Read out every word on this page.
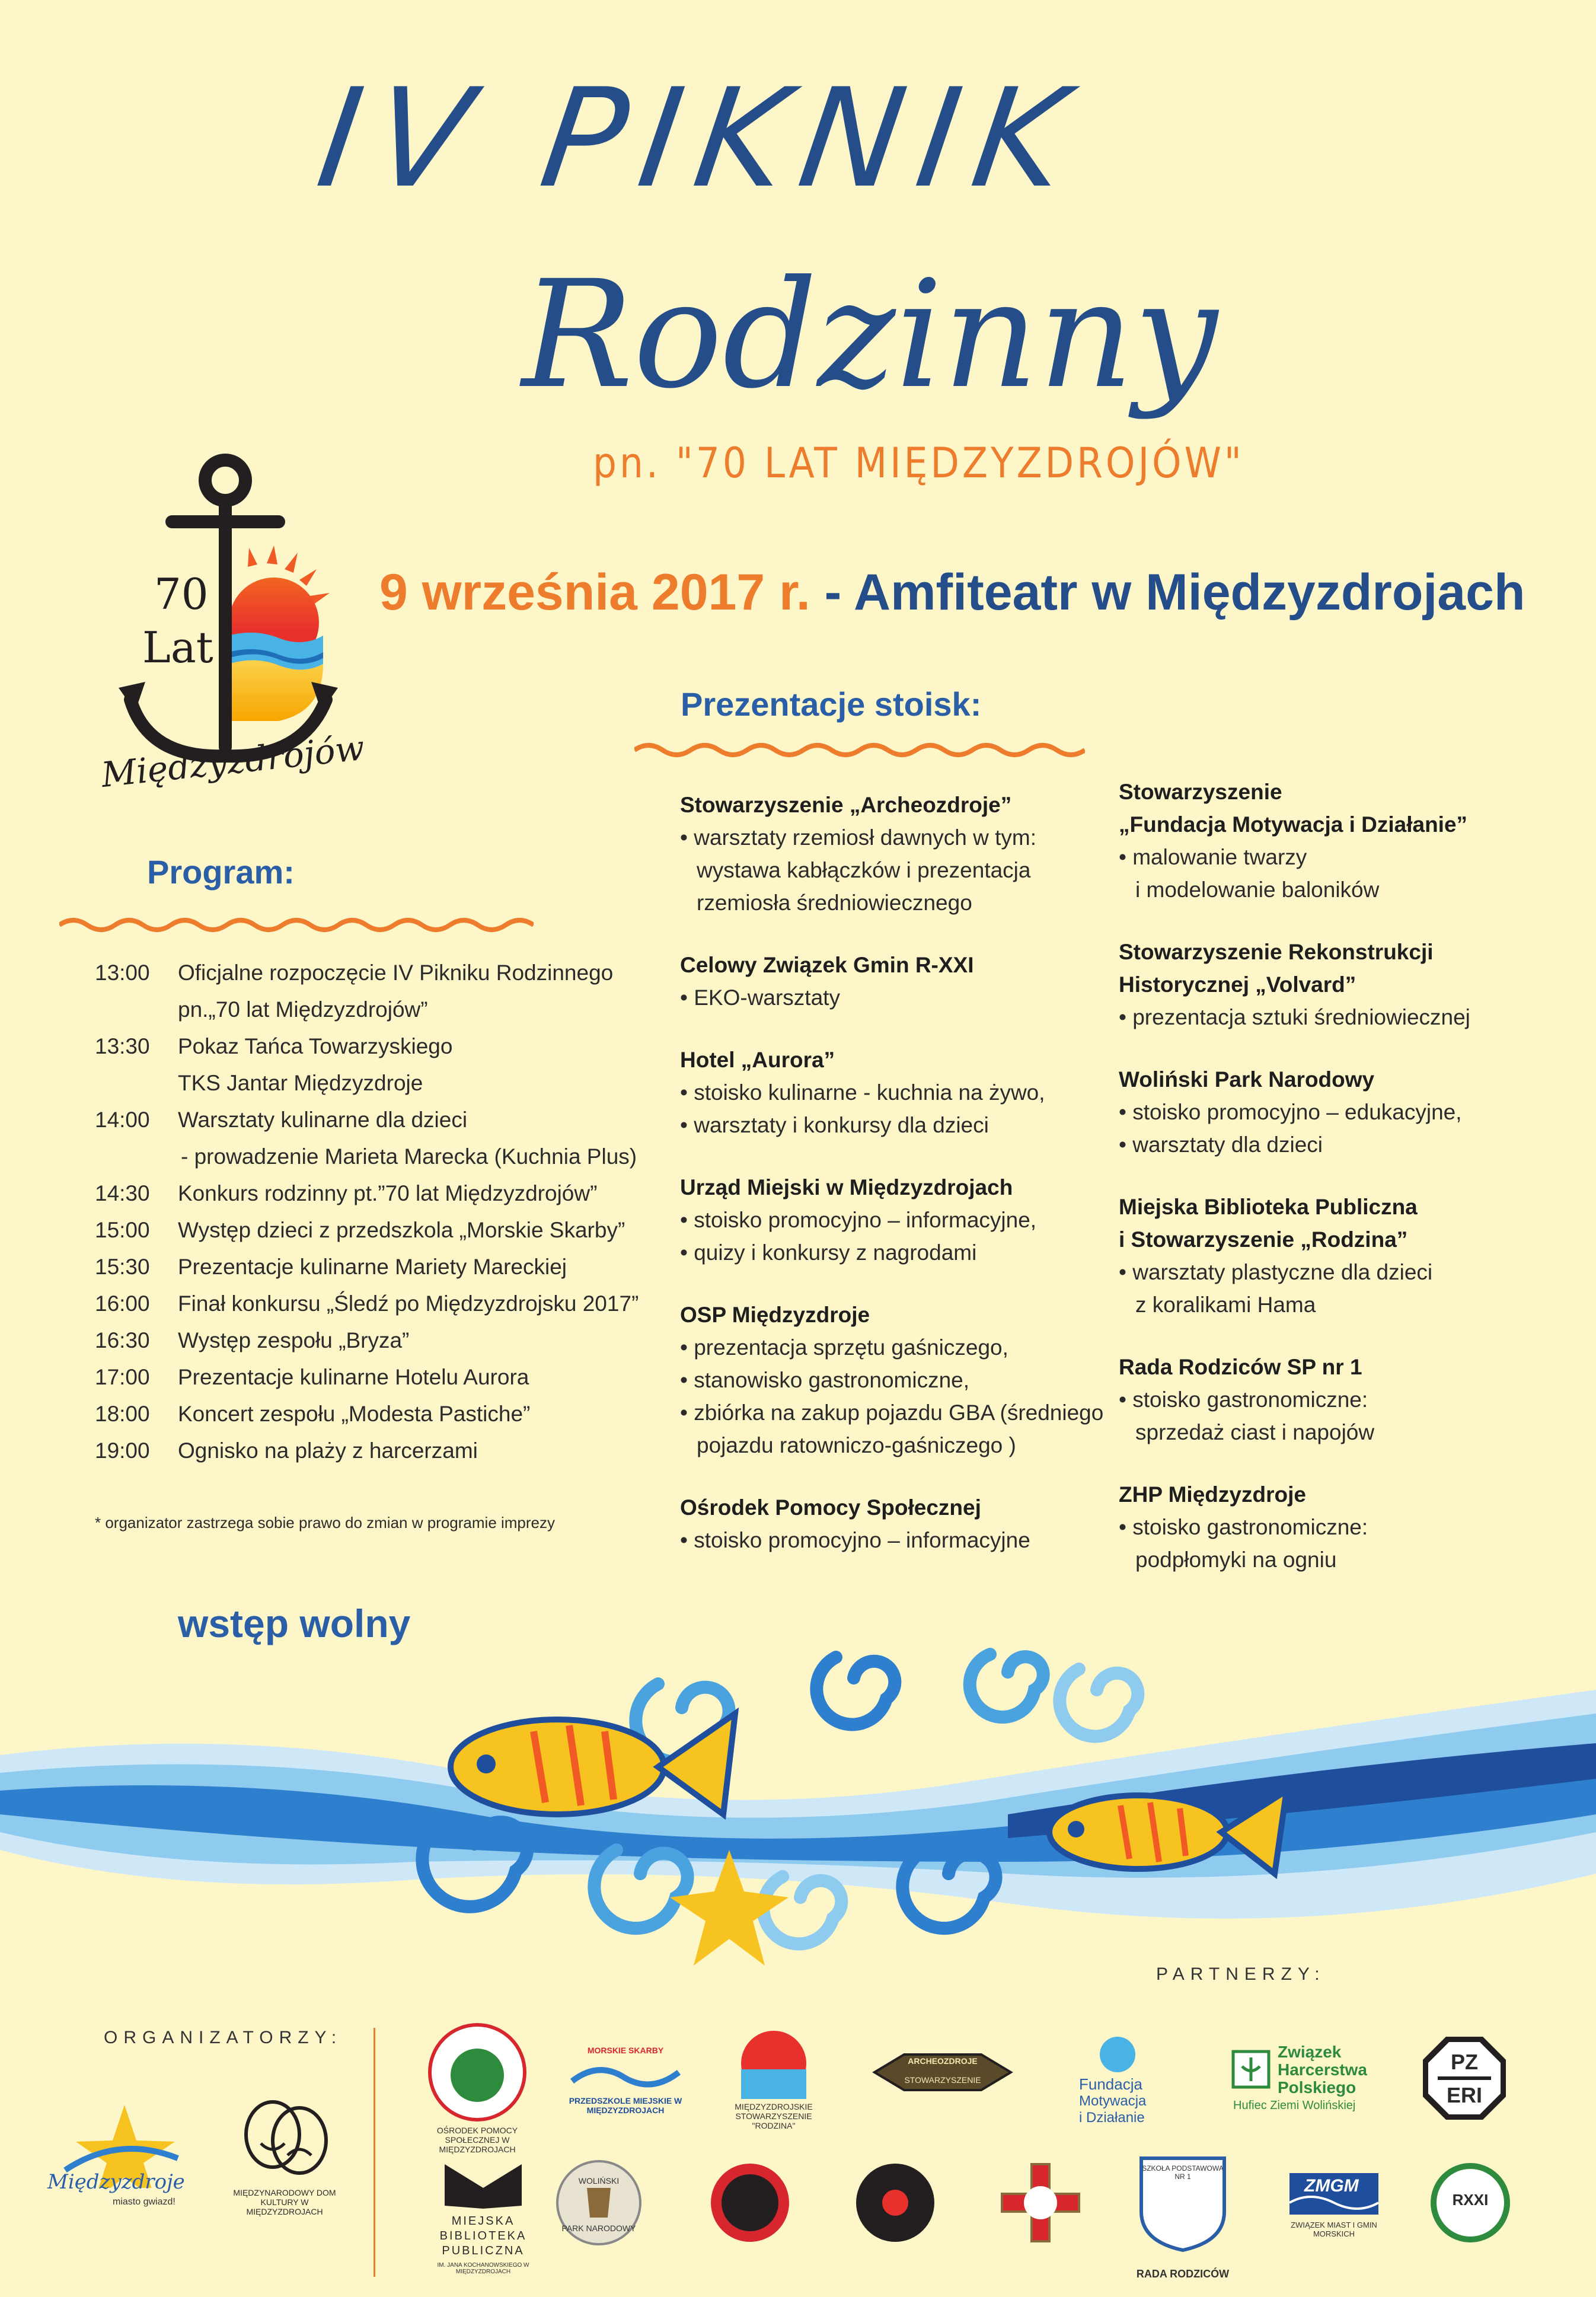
IV PIKNIK
Rodzinny
pn. "70 LAT MIĘDZYZDROJÓW"
9 września 2017 r. - Amfiteatr w Międzyzdrojach
70
Lat
Międzyzdrojów
Program:
13:00 Oficjalne rozpoczęcie IV Pikniku Rodzinnego
pn.„70 lat Międzyzdrojów”
13:30 Pokaz Tańca Towarzyskiego
TKS Jantar Międzyzdroje
14:00 Warsztaty kulinarne dla dzieci
- prowadzenie Marieta Marecka (Kuchnia Plus)
14:30 Konkurs rodzinny pt.”70 lat Międzyzdrojów”
15:00 Występ dzieci z przedszkola „Morskie Skarby”
15:30 Prezentacje kulinarne Mariety Mareckiej
16:00 Finał konkursu „Śledź po Międzyzdrojsku 2017”
16:30 Występ zespołu „Bryza”
17:00 Prezentacje kulinarne Hotelu Aurora
18:00 Koncert zespołu „Modesta Pastiche”
19:00 Ognisko na plaży z harcerzami
* organizator zastrzega sobie prawo do zmian w programie imprezy
wstęp wolny
Prezentacje stoisk:
Stowarzyszenie „Archeozdroje”
• warsztaty rzemiosł dawnych w tym:
wystawa kabłączków i prezentacja
rzemiosła średniowiecznego
Celowy Związek Gmin R-XXI
• EKO-warsztaty
Hotel „Aurora”
• stoisko kulinarne - kuchnia na żywo,
• warsztaty i konkursy dla dzieci
Urząd Miejski w Międzyzdrojach
• stoisko promocyjno – informacyjne,
• quizy i konkursy z nagrodami
OSP Międzyzdroje
• prezentacja sprzętu gaśniczego,
• stanowisko gastronomiczne,
• zbiórka na zakup pojazdu GBA (średniego
pojazdu ratowniczo-gaśniczego )
Ośrodek Pomocy Społecznej
• stoisko promocyjno – informacyjne
Stowarzyszenie
„Fundacja Motywacja i Działanie”
• malowanie twarzy
i modelowanie baloników
Stowarzyszenie Rekonstrukcji
Historycznej „Volvard”
• prezentacja sztuki średniowiecznej
Woliński Park Narodowy
• stoisko promocyjno – edukacyjne,
• warsztaty dla dzieci
Miejska Biblioteka Publiczna
i Stowarzyszenie „Rodzina”
• warsztaty plastyczne dla dzieci
z koralikami Hama
Rada Rodziców SP nr 1
• stoisko gastronomiczne:
sprzedaż ciast i napojów
ZHP Międzyzdroje
• stoisko gastronomiczne:
podpłomyki na ogniu
ORGANIZATORZY:
PARTNERZY:
Międzyzdroje
miasto gwiazd!
MIĘDZYNARODOWY DOM KULTURY W MIĘDZYZDROJACH
OŚRODEK POMOCY SPOŁECZNEJ W MIĘDZYZDROJACH
MORSKIE SKARBY
PRZEDSZKOLE MIEJSKIE W MIĘDZYZDROJACH	MIĘDZYZDROJSKIE STOWARZYSZENIE "RODZINA"
ARCHEOZDROJE
STOWARZYSZENIE	Fundacja
Motywacja
i Działanie
Związek
Harcerstwa
Polskiego
Hufiec Ziemi Wolińskiej
PZ
ERI
MIEJSKA
BIBLIOTEKA
PUBLICZNA
IM. JANA KOCHANOWSKIEGO W MIĘDZYZDROJACH
WOLIŃSKI
PARK NARODOWY
SZKOŁA PODSTAWOWA NR 1
RADA RODZICÓW
ZMGM
ZWIĄZEK MIAST I GMIN MORSKICH
RXXI
